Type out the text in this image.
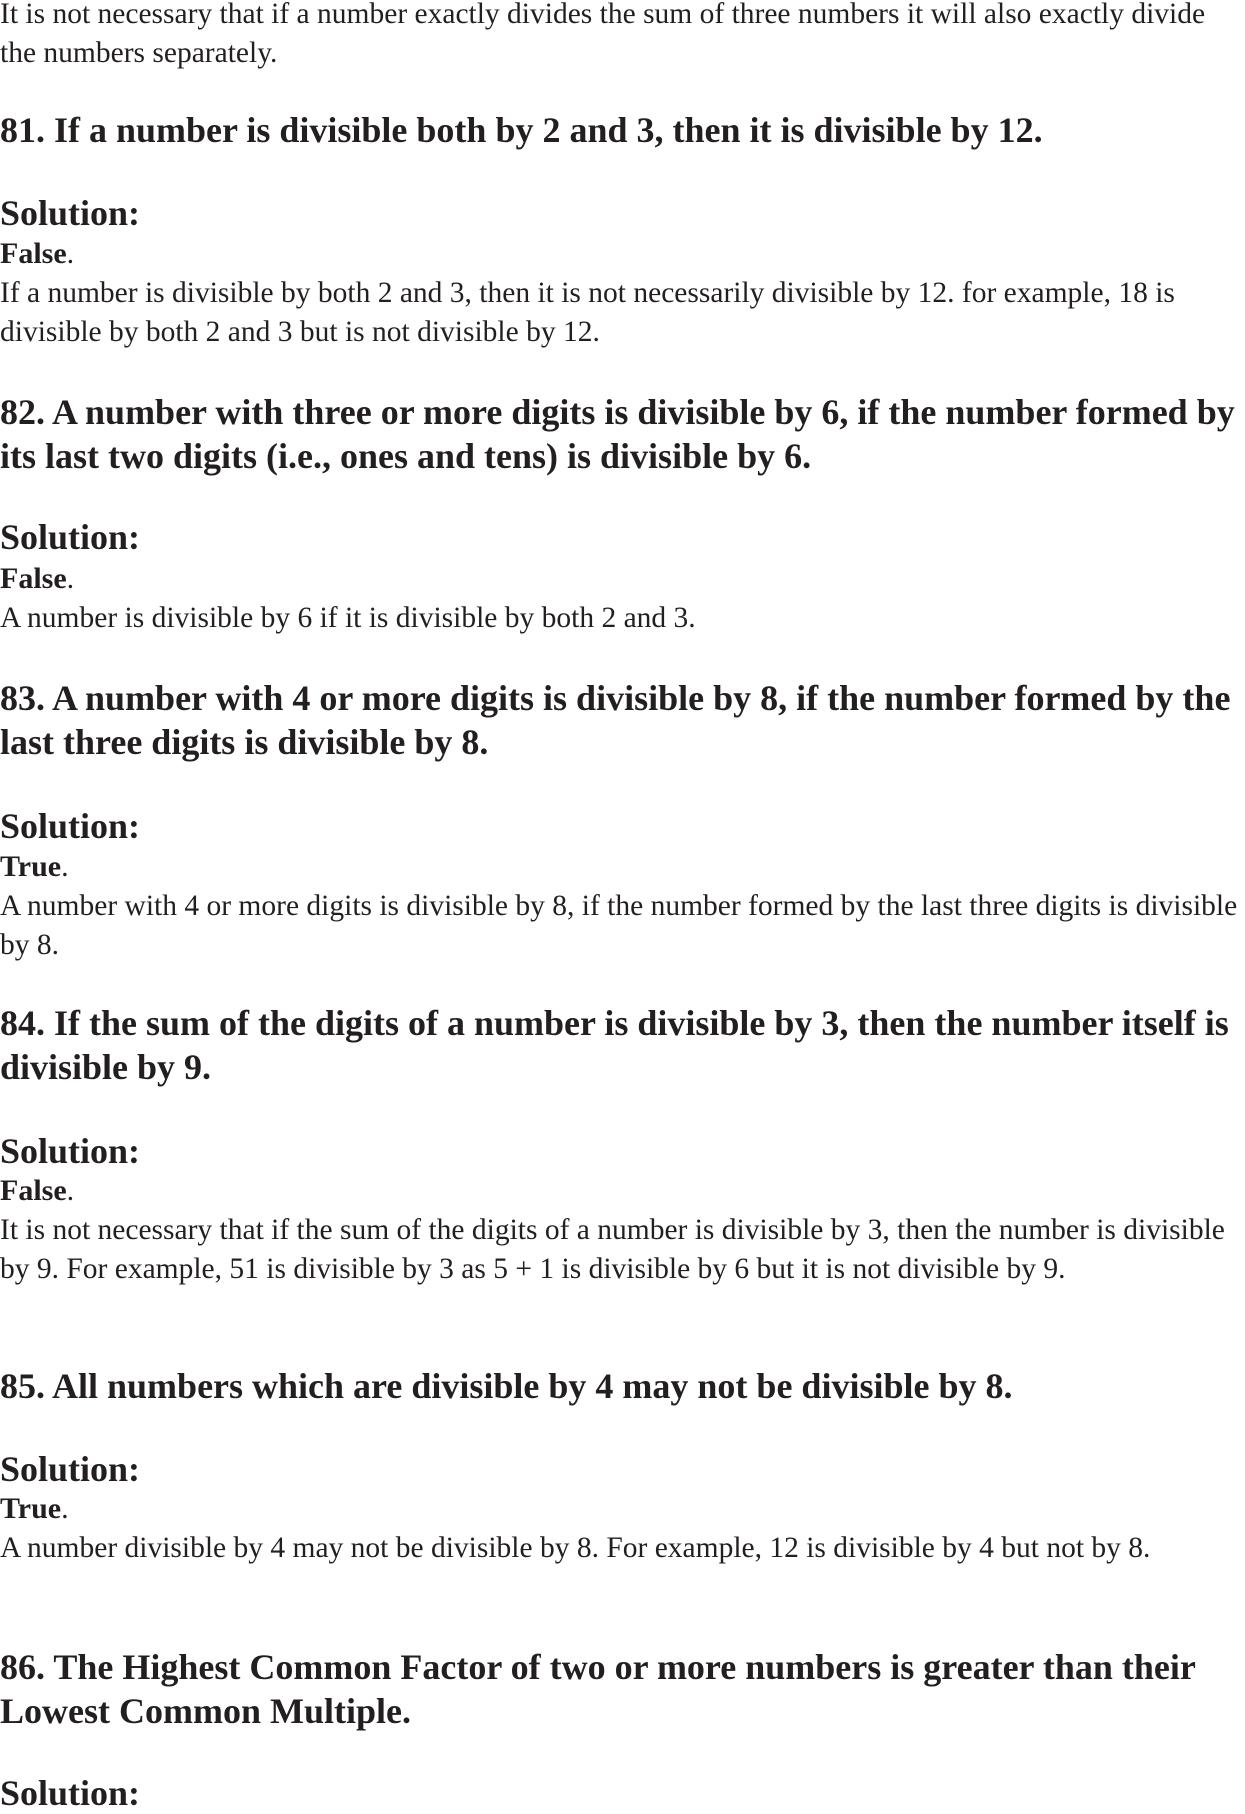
It is not necessary that if a number exactly divides the sum of three numbers it will also exactly divide the numbers separately.
81. If a number is divisible both by 2 and 3, then it is divisible by 12.
Solution:
False.
If a number is divisible by both 2 and 3, then it is not necessarily divisible by 12. for example, 18 is divisible by both 2 and 3 but is not divisible by 12.
82. A number with three or more digits is divisible by 6, if the number formed by its last two digits (i.e., ones and tens) is divisible by 6.
Solution:
False.
A number is divisible by 6 if it is divisible by both 2 and 3.
83. A number with 4 or more digits is divisible by 8, if the number formed by the last three digits is divisible by 8.
Solution:
True.
A number with 4 or more digits is divisible by 8, if the number formed by the last three digits is divisible by 8.
84. If the sum of the digits of a number is divisible by 3, then the number itself is divisible by 9.
Solution:
False.
It is not necessary that if the sum of the digits of a number is divisible by 3, then the number is divisible by 9. For example, 51 is divisible by 3 as 5 + 1 is divisible by 6 but it is not divisible by 9.
85. All numbers which are divisible by 4 may not be divisible by 8.
Solution:
True.
A number divisible by 4 may not be divisible by 8. For example, 12 is divisible by 4 but not by 8.
86. The Highest Common Factor of two or more numbers is greater than their Lowest Common Multiple.
Solution:
